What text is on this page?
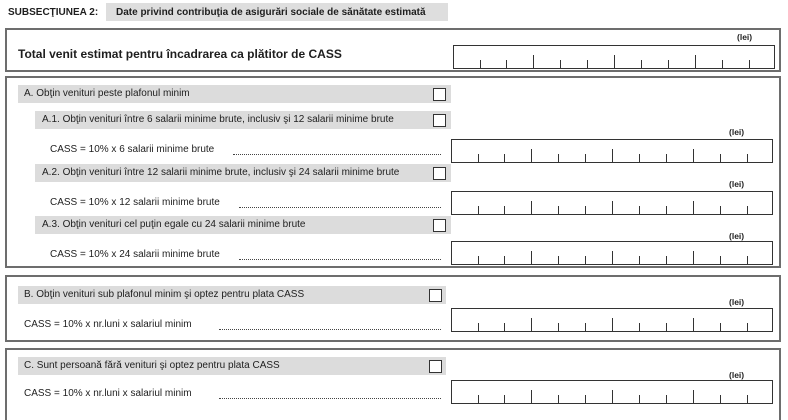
SUBSECŢIUNEA 2: Date privind contribuţia de asigurări sociale de sănătate estimată
Total venit estimat pentru încadrarea ca plătitor de CASS
(lei)
A. Obţin venituri peste plafonul minim
A.1. Obţin venituri între 6 salarii minime brute, inclusiv şi 12 salarii minime brute
CASS = 10% x 6 salarii minime brute
(lei)
A.2. Obţin venituri între 12 salarii minime brute, inclusiv şi 24 salarii minime brute
CASS = 10% x 12 salarii minime brute
(lei)
A.3. Obţin venituri cel puţin egale cu 24 salarii minime brute
CASS = 10% x 24 salarii minime brute
(lei)
B. Obţin venituri sub plafonul minim şi optez pentru plata CASS
CASS = 10% x nr.luni x salariul minim
(lei)
C. Sunt persoană fără venituri şi optez pentru plata CASS
CASS = 10% x nr.luni x salariul minim
(lei)
